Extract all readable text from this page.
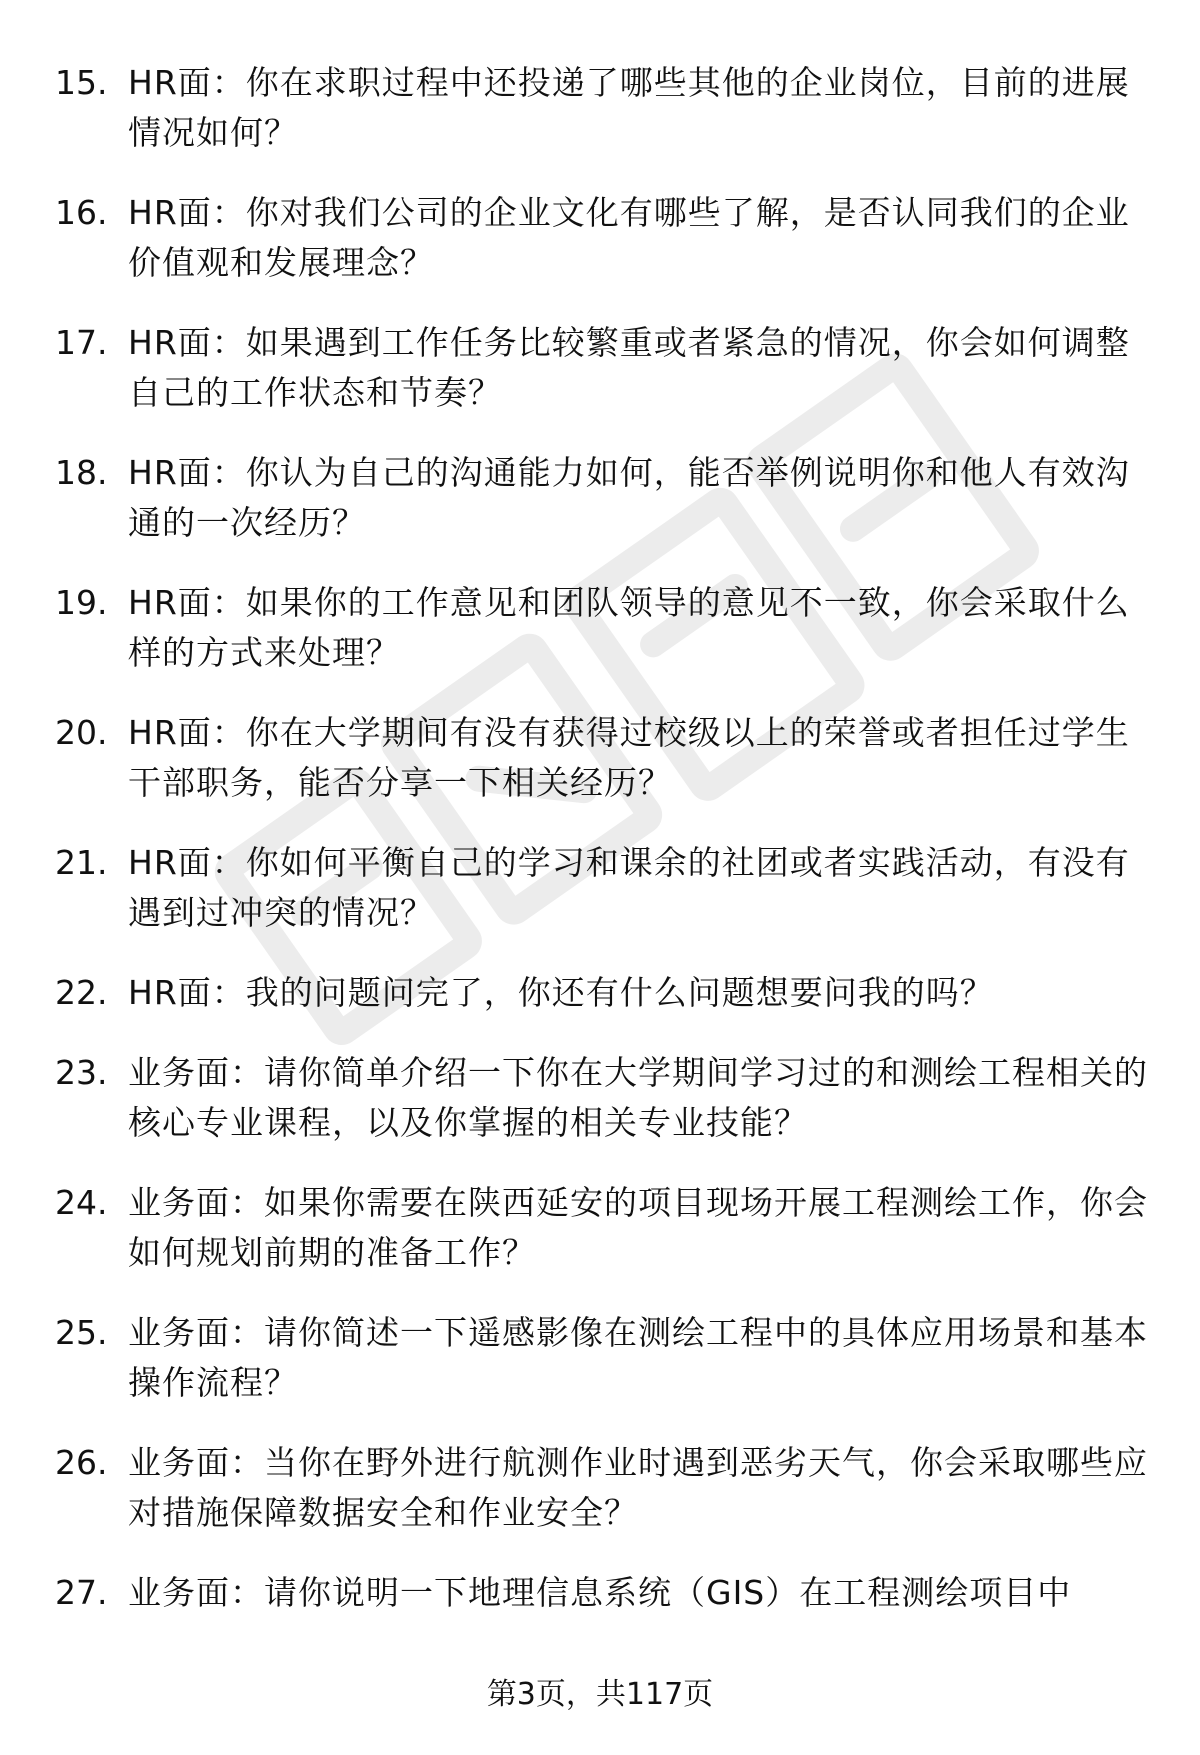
15. HR面：你在求职过程中还投递了哪些其他的企业岗位，目前的进展情况如何？
16. HR面：你对我们公司的企业文化有哪些了解，是否认同我们的企业价值观和发展理念？
17. HR面：如果遇到工作任务比较繁重或者紧急的情况，你会如何调整自己的工作状态和节奏？
18. HR面：你认为自己的沟通能力如何，能否举例说明你和他人有效沟通的一次经历？
19. HR面：如果你的工作意见和团队领导的意见不一致，你会采取什么样的方式来处理？
20. HR面：你在大学期间有没有获得过校级以上的荣誉或者担任过学生干部职务，能否分享一下相关经历？
21. HR面：你如何平衡自己的学习和课余的社团或者实践活动，有没有遇到过冲突的情况？
22. HR面：我的问题问完了，你还有什么问题想要问我的吗？
23. 业务面：请你简单介绍一下你在大学期间学习过的和测绘工程相关的核心专业课程，以及你掌握的相关专业技能？
24. 业务面：如果你需要在陕西延安的项目现场开展工程测绘工作，你会如何规划前期的准备工作？
25. 业务面：请你简述一下遥感影像在测绘工程中的具体应用场景和基本操作流程？
26. 业务面：当你在野外进行航测作业时遇到恶劣天气，你会采取哪些应对措施保障数据安全和作业安全？
27. 业务面：请你说明一下地理信息系统（GIS）在工程测绘项目中
第3页，共117页
